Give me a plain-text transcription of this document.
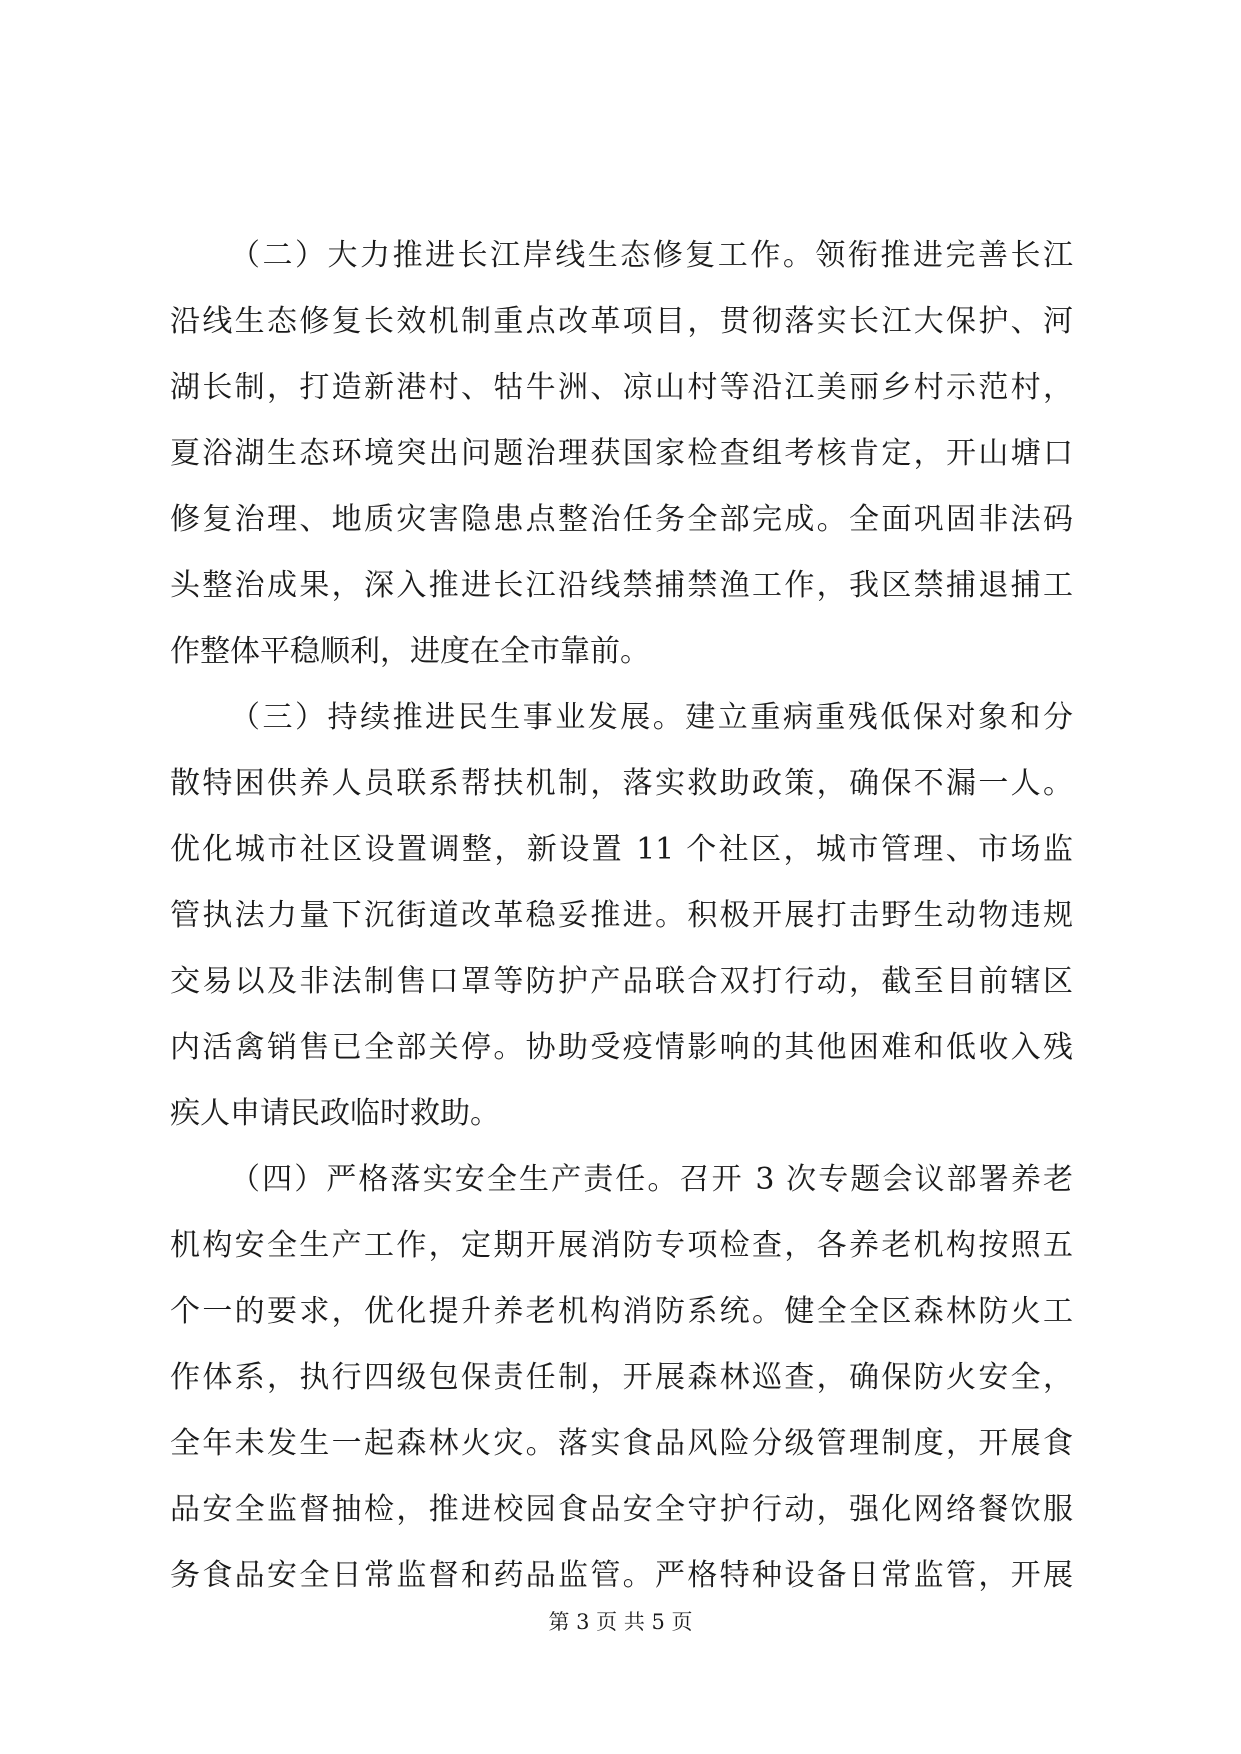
（二）大力推进长江岸线生态修复工作。领衔推进完善长江
沿线生态修复长效机制重点改革项目，贯彻落实长江大保护、河
湖长制，打造新港村、牯牛洲、凉山村等沿江美丽乡村示范村，
夏浴湖生态环境突出问题治理获国家检查组考核肯定，开山塘口
修复治理、地质灾害隐患点整治任务全部完成。全面巩固非法码
头整治成果，深入推进长江沿线禁捕禁渔工作，我区禁捕退捕工
作整体平稳顺利，进度在全市靠前。
（三）持续推进民生事业发展。建立重病重残低保对象和分
散特困供养人员联系帮扶机制，落实救助政策，确保不漏一人。
优化城市社区设置调整，新设置 11 个社区，城市管理、市场监
管执法力量下沉街道改革稳妥推进。积极开展打击野生动物违规
交易以及非法制售口罩等防护产品联合双打行动，截至目前辖区
内活禽销售已全部关停。协助受疫情影响的其他困难和低收入残
疾人申请民政临时救助。
（四）严格落实安全生产责任。召开 3 次专题会议部署养老
机构安全生产工作，定期开展消防专项检查，各养老机构按照五
个一的要求，优化提升养老机构消防系统。健全全区森林防火工
作体系，执行四级包保责任制，开展森林巡查，确保防火安全，
全年未发生一起森林火灾。落实食品风险分级管理制度，开展食
品安全监督抽检，推进校园食品安全守护行动，强化网络餐饮服
务食品安全日常监督和药品监管。严格特种设备日常监管，开展
第 3 页 共 5 页
